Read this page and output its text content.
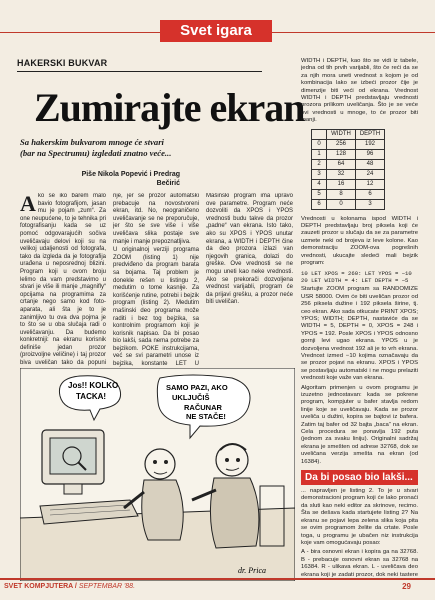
Svet igara
HAKERSKI BUKVAR
Zumirajte ekran
Sa hakerskim bukvarom mnoge će stvari (bar na Spectrumu) izgledati znatno veće...
Piše Nikola Popević i Predrag Bečirić

Ako se iko barem malo bavio fotografijom, jasan mu je pojam „zum“. Za one neupućene, to je tehnika pri fotografisanju kada se uz pomoć odgovarajućih sočiva uveličavaju delovi koji su na velikoj udaljenosti od fotografa, tako da izgleda da je fotografija urađena u neposrednoj blizini. Program koji u ovom broju lelimo da vam predstavimo u stvari je više ili manje „magnifly“ opcijama na programima za crtanje nego samo kod foto-aparata, ali šta je to je zanimljivo tu ova dva pojma je to što se u oba slučaja radi o uveličavanju. Da budemo konkretniji: na ekranu korisnik definiše jedan prozor (proizvoljne veličine) i taj prozor biva uveličan tako da popuni

nje, jer se prozor automatski prebacuje na novostvoreni ekran, itd. No, neograničeno uveličavanje se ne preporučuje, jer što se sve više i više uveličava slika postaje sve manje i manje prepoznatljiva.

U originalnoj verziji programa ZOOM (listing 1) nije predviđeno da program barata sa bojama. Taj problem je donekle rešen u listingu 2, medutim o tome kasnije. Za korišćenje rutine, potrebi i bejzik program (listing 2). Medutim mašinski deo programa može raditi i bez tog bejzika, sa kontrolnim programom koji je korisnik napisao. Da bi posao bio lakši, sada nema potrebe za bejzikom. POKE instrukcijama, već se svi parametri unose iz bejzika, konstante LET U

Mašinski program ima upravo ove parametre. Program neće dozvoliti da XPOS i YPOS vrednosti budu takve da prozor „padne“ van ekrana. Isto tako, ako su XPOS i YPOS unutar ekrana, a WIDTH i DEPTH čine da deo prozora izlazi van njegovih granica, dolazi do greške. Ove vrednosti se ne mogu uneti kao neke vrednosti. Ako se prekorači dozvoljena vrednost varijabli, program će da prijavi grešku, a prozor neće biti uveličan.

Jos!! KOLKO TACKA!
SAMO PAZI, AKO UKLJUČIŠ RAČUNAR NE STAČE!
dr. Prica

WIDTH i DEPTH, kao što se vidi iz tabele, jedna od tih prvih varijabli, što če reći da se za njih mora uneti vrednost s kojom je od kombinacija lako se izbeći prozor čije je dimenzije biti veći od ekrana. Vrednost WIDTH i DEPTH predstavljaju vrednosti prozora prilikom uveličanja. Što je se veće ovi vrednosti u mnoge, to će prozor biti manji.

	WIDTH	DEPTH
0	256	192
1	128	96
2	64	48
3	32	24
4	16	12
5	8	6
6	0	3

Vrednosti u kolonama ispod WIDTH i DEPTH predstavljaju broj piksela koji će zauzeti prozor u slučaju da se za parametre uzmete neki od brojeva iz leve kolone. Kao demonstraciju ZOOM-ova pogrešnih vrednosti, ukucajte sledeći mali bejzik program:

10 LET XPOS = 260: LET YPOS = −10
20 LET WIDTH = 4: LET DEPTH = −5

Startujte ZOOM program sa RANDOMIZE USR 58000. Ovim će biti uveličan prozor od 256 piksela dužine i 192 piksela širine, tj. ceo ekran. Ako sada otkucate PRINT XPOS; YPOS; WIDTH; DEPTH, nastaviće da se WIDTH = 5, DEPTH = 0, XPOS = 248 i YPOS = 192. Posle XPOS i YPOS odnosno gornji levi ugao ekrana. YPOS u je dozvoljena vrednost 192 ali je to vrh ekrana. Vrednost izmed −10 kojima označavaju da se prozor pojavi na ekranu. XPOS i YPOS se postavljaju automatski i ne mogu prelaziti vrednosti koje važe van ekrana.

Algoritam primenjen u ovom programu je izuzetno jednostavan: kada se pokrene program, kompjuter u bafer stavlja redom linije koje se uveličavaju. Kada se prozor uveliča u dužini, kopira se bajtovi iz bafera. Zatim taj bafer od 32 bajta „baca“ na ekran. Cela procedura se ponavlja 192 puta (jednom za svaku liniju). Originalni sadržaj ekrana je smešten od adrese 32768, dok se uveličana verzija smešta na ekran (od 16384).

Da bi posao bio lakši...

... napravljen je listing 2. To je u stvari demonstracioni program koji će lako pronaći da sluti kao neki editor za skrinove, recimo. Šta se dešava kada startujete listing 2? Na ekranu se pojavi lepa zelena slika koja pita se ovim programom želite da crtate. Posle toga, u programu je ubačen niz instrukcija koje vam omogućavaju posao:

A - bira osnovni ekran i kopira ga na 32768. B - prebacuje osnovni ekran sa 32768 na 16384. R - ulikava ekran. L - uveličava deo ekrana koji je zadati prozor, dok neki tastere

SVET KOMPJUTERA / SEPTEMBAR '88.	29
